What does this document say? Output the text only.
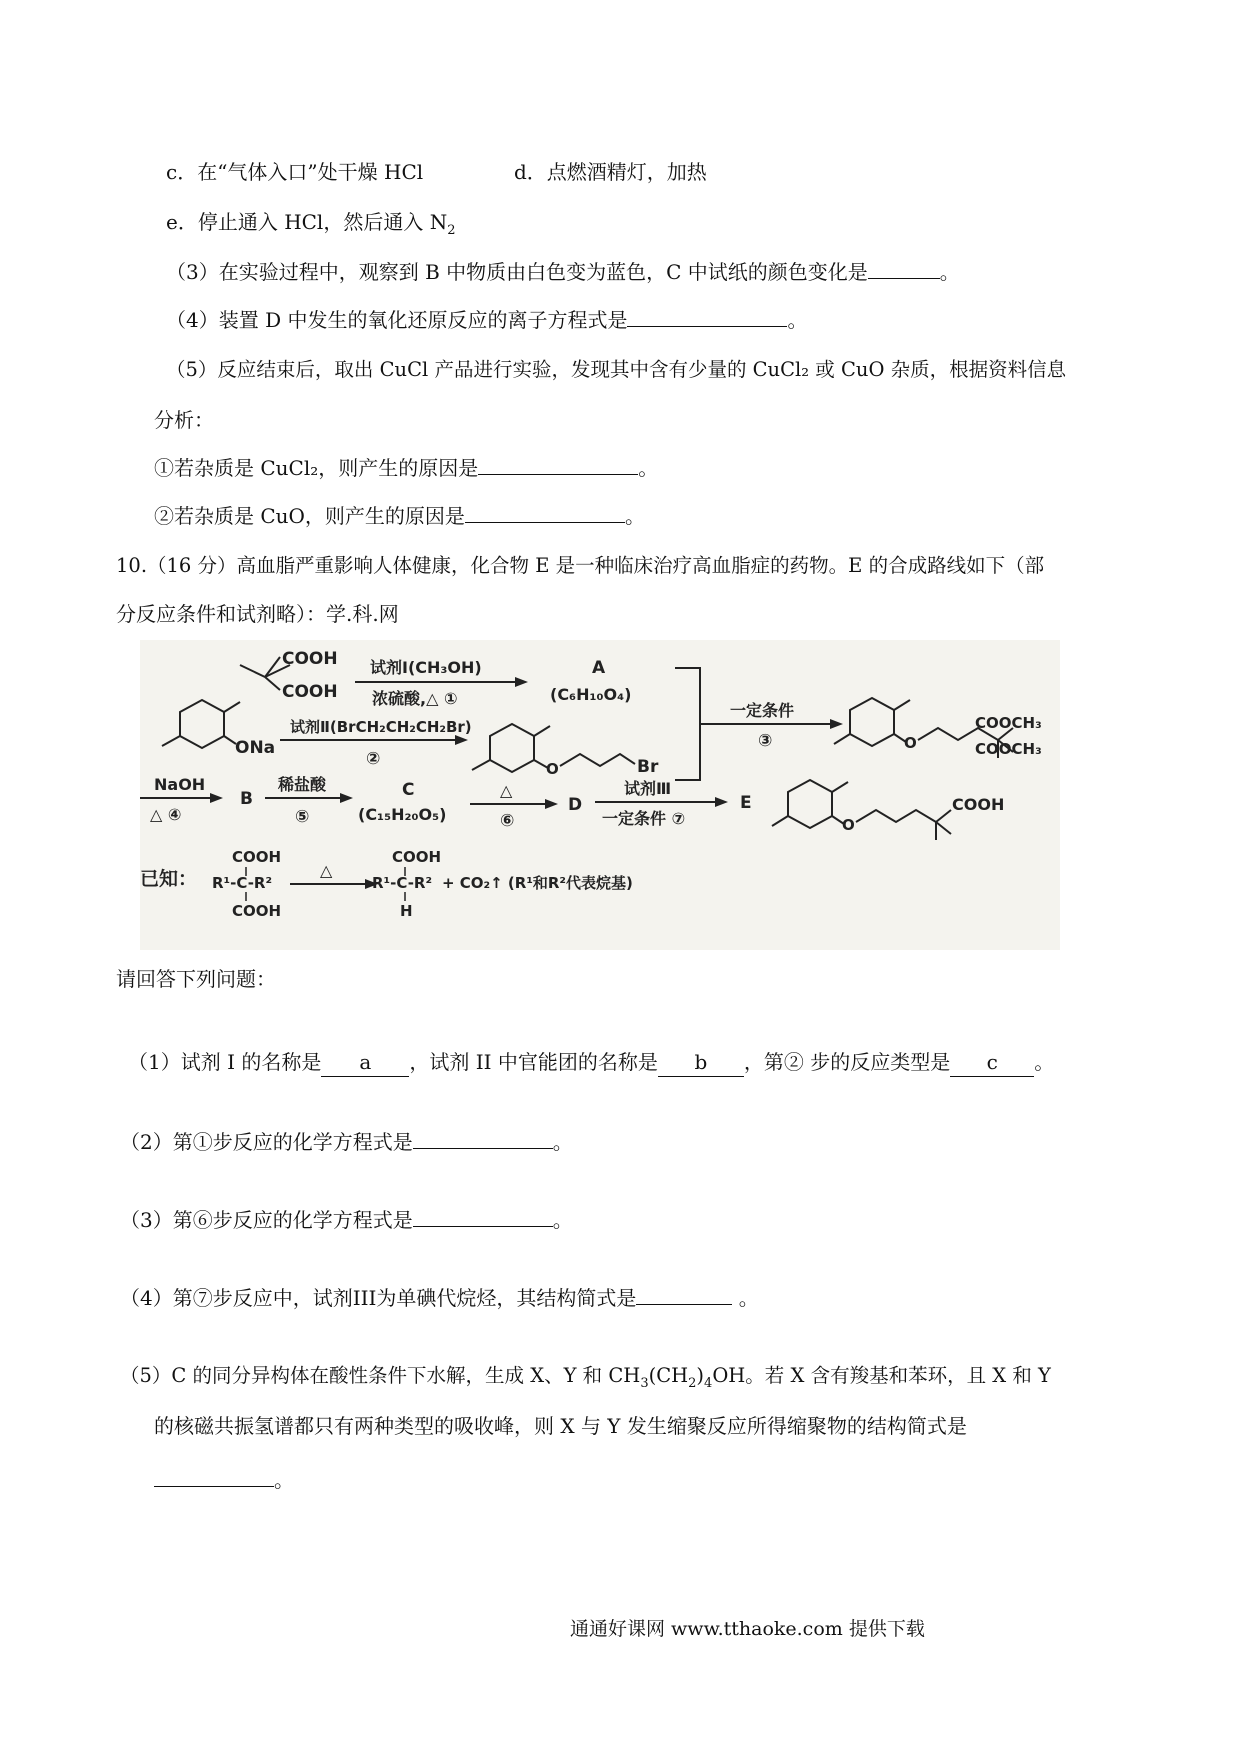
c．在“气体入口”处干燥 HCl	d．点燃酒精灯，加热
e．停止通入 HCl，然后通入 $N_2$
（3）在实验过程中，观察到 B 中物质由白色变为蓝色，C 中试纸的颜色变化是	。
（4）装置 D 中发生的氧化还原反应的离子方程式是	。
（5）反应结束后，取出 CuCl 产品进行实验，发现其中含有少量的 CuCl₂ 或 CuO 杂质，根据资料信息
分析：
①若杂质是 CuCl₂，则产生的原因是	。
②若杂质是 CuO，则产生的原因是	。
10.（16 分）高血脂严重影响人体健康，化合物 E 是一种临床治疗高血脂症的药物。E 的合成路线如下（部
分反应条件和试剂略）：学.科.网
COOH
COOH
试剂Ⅰ(CH₃OH)
浓硫酸,△ ①
A
(C₆H₁₀O₄)
ONa
试剂Ⅱ(BrCH₂CH₂CH₂Br)
②	O	Br
一定条件
③	O
COOCH₃
COOCH₃
NaOH
△ ④
B
稀盐酸
⑤
C
(C₁₅H₂₀O₅)
△
⑥
D
试剂Ⅲ
一定条件 ⑦
E
O
COOH
已知：
COOH
R¹-C-R²
COOH
△
COOH
R¹-C-R²
H
+ CO₂↑ (R¹和R²代表烷基)
请回答下列问题：
（1）试剂 I 的名称是 a ，试剂 II 中官能团的名称是 b ，第② 步的反应类型是 c 。
（2）第①步反应的化学方程式是	。
（3）第⑥步反应的化学方程式是	。
（4）第⑦步反应中，试剂III为单碘代烷烃，其结构简式是	。
（5）C 的同分异构体在酸性条件下水解，生成 X、Y 和 $CH_3(CH_2)_4OH$。若 X 含有羧基和苯环，且 X 和 Y
的核磁共振氢谱都只有两种类型的吸收峰，则 X 与 Y 发生缩聚反应所得缩聚物的结构简式是
。
通通好课网 www.tthaoke.com 提供下载
